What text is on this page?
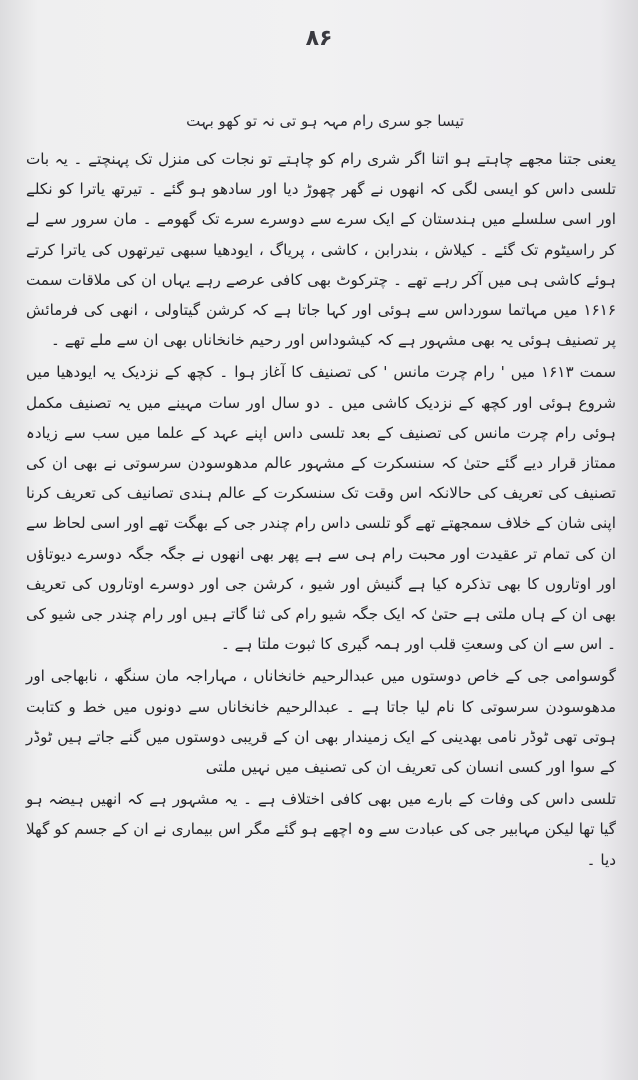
۸۶
تیسا جو سری رام مہہ ہو تی نہ تو کھو بہت

یعنی جتنا مجھے چاہتے ہو اتنا اگر شری رام کو چاہتے تو نجات کی منزل تک پہنچتے ۔ یہ بات تلسی داس کو ایسی لگی کہ انھوں نے گھر چھوڑ دیا اور سادھو ہو گئے ۔ تیرتھ یاترا کو نکلے اور اسی سلسلے میں ہندستان کے ایک سرے سے دوسرے سرے تک گھومے ۔ مان سرور سے لے کر راسیٹوم تک گئے ۔ کیلاش ، بندرابن ، کاشی ، پریاگ ، ایودھیا سبھی تیرتھوں کی یاترا کرتے ہوئے کاشی ہی میں آکر رہے تھے ۔ چترکوٹ بھی کافی عرصے رہے یہاں ان کی ملاقات سمت ۱۶۱۶ میں مہاتما سورداس سے ہوئی اور کہا جاتا ہے کہ کرشن گیتاولی ، انھی کی فرمائش پر تصنیف ہوئی یہ بھی مشہور ہے کہ کیشوداس اور رحیم خانخاناں بھی ان سے ملے تھے ۔

سمت ۱۶۱۳ میں ' رام چرت مانس ' کی تصنیف کا آغاز ہوا ۔ کچھ کے نزدیک یہ ایودھیا میں شروع ہوئی اور کچھ کے نزدیک کاشی میں ۔ دو سال اور سات مہینے میں یہ تصنیف مکمل ہوئی رام چرت مانس کی تصنیف کے بعد تلسی داس اپنے عہد کے علما میں سب سے زیادہ ممتاز قرار دیے گئے حتیٰ کہ سنسکرت کے مشہور عالم مدھوسودن سرسوتی نے بھی ان کی تصنیف کی تعریف کی حالانکہ اس وقت تک سنسکرت کے عالم ہندی تصانیف کی تعریف کرنا اپنی شان کے خلاف سمجھتے تھے گو تلسی داس رام چندر جی کے بھگت تھے اور اسی لحاظ سے ان کی تمام تر عقیدت اور محبت رام ہی سے ہے پھر بھی انھوں نے جگہ جگہ دوسرے دیوتاؤں اور اوتاروں کا بھی تذکرہ کیا ہے گنیش اور شیو ، کرشن جی اور دوسرے اوتاروں کی تعریف بھی ان کے ہاں ملتی ہے حتیٰ کہ ایک جگہ شیو رام کی ثنا گاتے ہیں اور رام چندر جی شیو کی ۔ اس سے ان کی وسعتِ قلب اور ہمہ گیری کا ثبوت ملتا ہے ۔

گوسوامی جی کے خاص دوستوں میں عبدالرحیم خانخاناں ، مہاراجہ مان سنگھ ، نابھاجی اور مدھوسودن سرسوتی کا نام لیا جاتا ہے ۔ عبدالرحیم خانخاناں سے دونوں میں خط و کتابت ہوتی تھی ٹوڈر نامی بھدینی کے ایک زمیندار بھی ان کے قریبی دوستوں میں گنے جاتے ہیں ٹوڈر کے سوا اور کسی انسان کی تعریف ان کی تصنیف میں نہیں ملتی

تلسی داس کی وفات کے بارے میں بھی کافی اختلاف ہے ۔ یہ مشہور ہے کہ انھیں ہیضہ ہو گیا تھا لیکن مہابیر جی کی عبادت سے وہ اچھے ہو گئے مگر اس بیماری نے ان کے جسم کو گھلا دیا ۔
